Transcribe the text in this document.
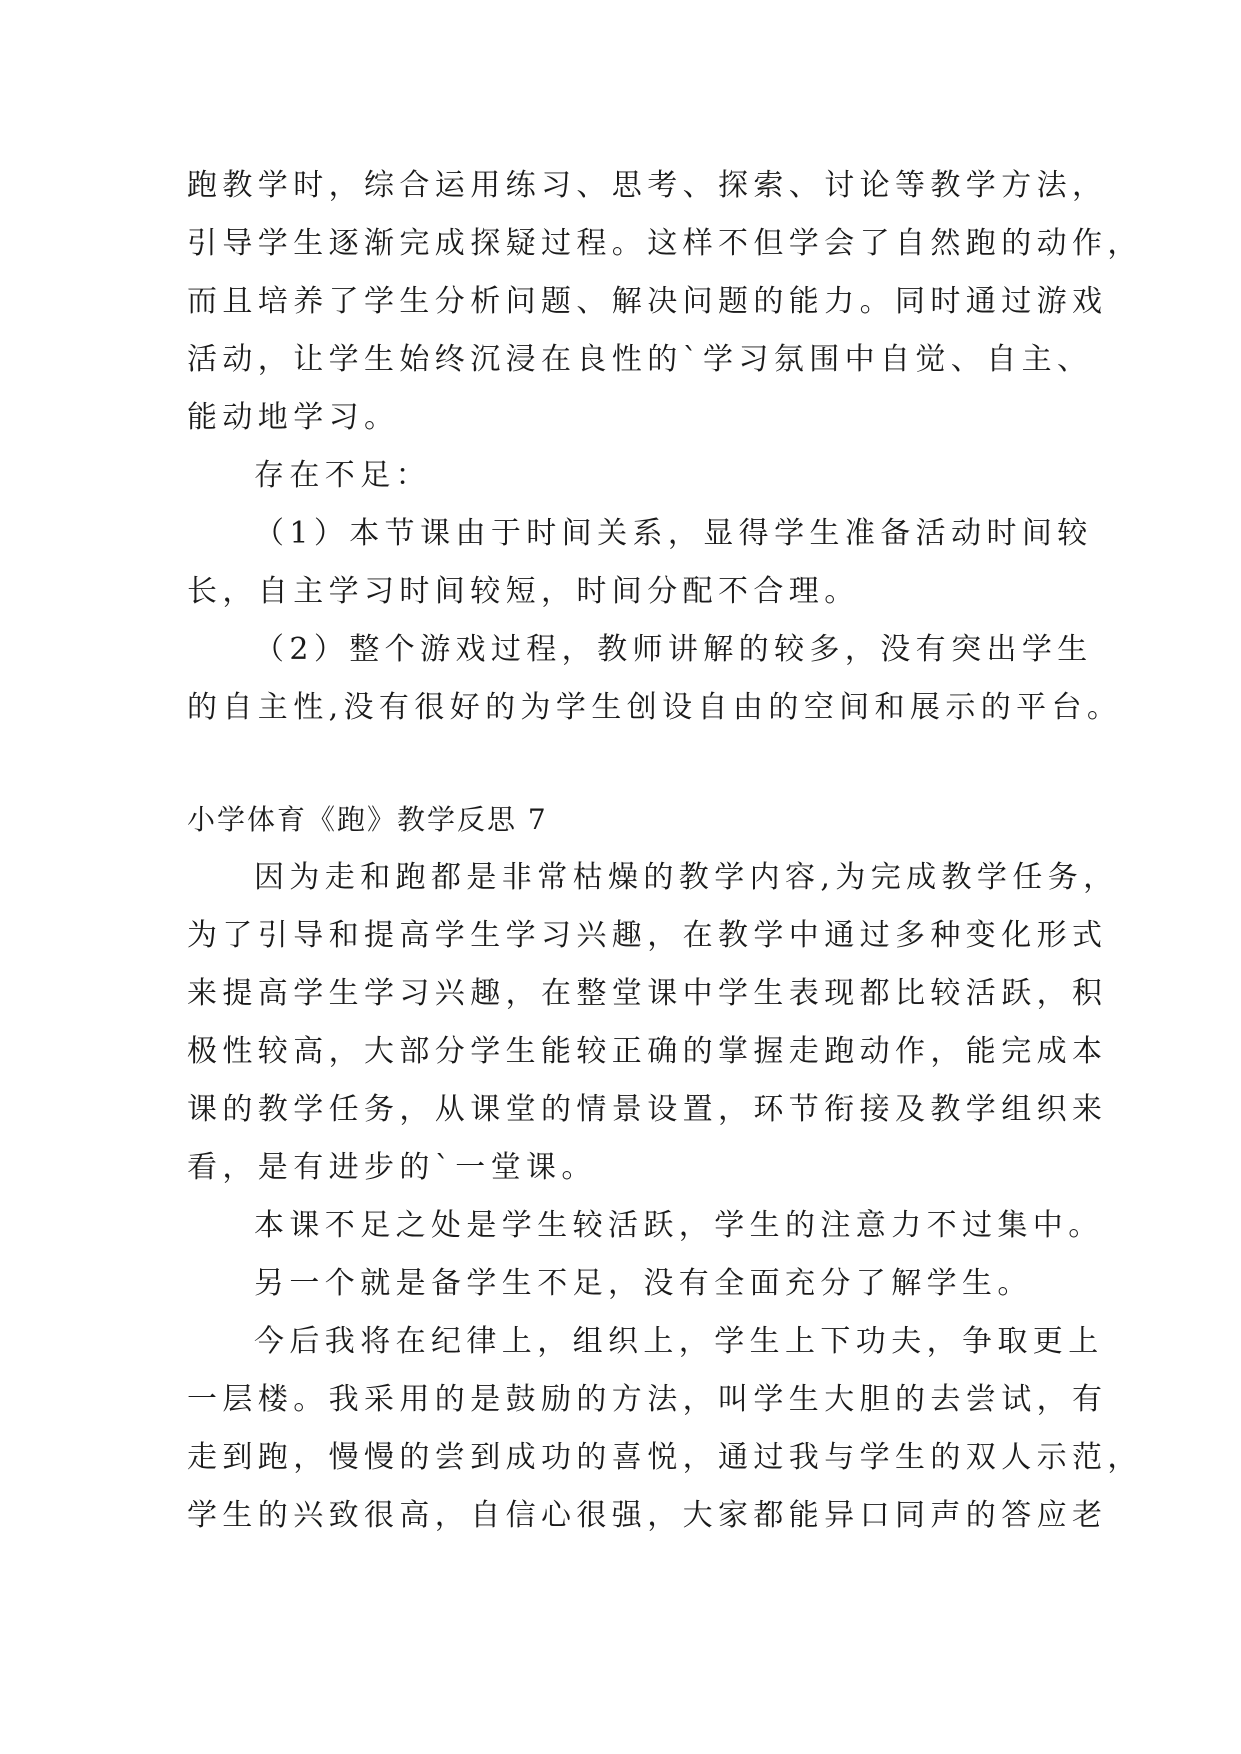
跑教学时，综合运用练习、思考、探索、讨论等教学方法，
引导学生逐渐完成探疑过程。这样不但学会了自然跑的动作，
而且培养了学生分析问题、解决问题的能力。同时通过游戏
活动，让学生始终沉浸在良性的`学习氛围中自觉、自主、
能动地学习。
存在不足：
（1）本节课由于时间关系，显得学生准备活动时间较
长，自主学习时间较短，时间分配不合理。
（2）整个游戏过程，教师讲解的较多，没有突出学生
的自主性,没有很好的为学生创设自由的空间和展示的平台。
小学体育《跑》教学反思 7
因为走和跑都是非常枯燥的教学内容,为完成教学任务，
为了引导和提高学生学习兴趣，在教学中通过多种变化形式
来提高学生学习兴趣，在整堂课中学生表现都比较活跃，积
极性较高，大部分学生能较正确的掌握走跑动作，能完成本
课的教学任务，从课堂的情景设置，环节衔接及教学组织来
看，是有进步的`一堂课。
本课不足之处是学生较活跃，学生的注意力不过集中。
另一个就是备学生不足，没有全面充分了解学生。
今后我将在纪律上，组织上，学生上下功夫，争取更上
一层楼。我采用的是鼓励的方法，叫学生大胆的去尝试，有
走到跑，慢慢的尝到成功的喜悦，通过我与学生的双人示范，
学生的兴致很高，自信心很强，大家都能异口同声的答应老
